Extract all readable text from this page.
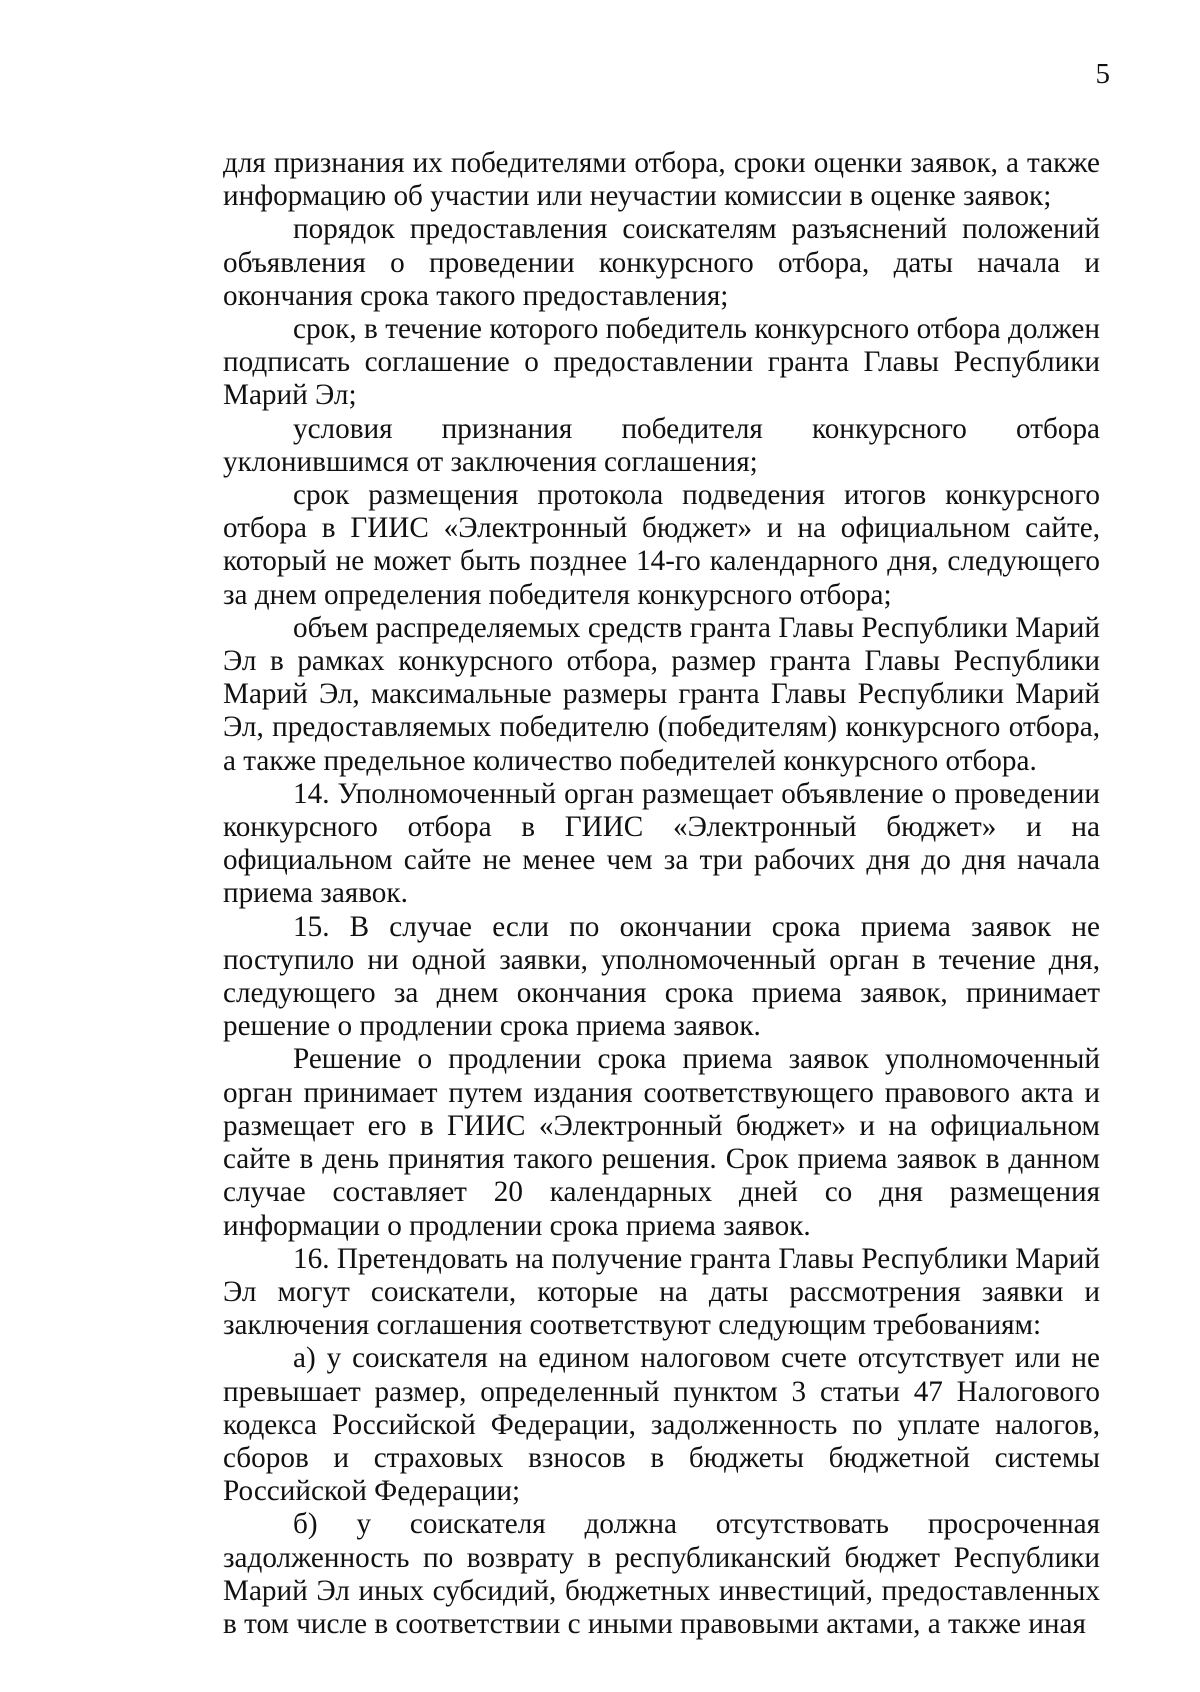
5

для признания их победителями отбора, сроки оценки заявок, а также информацию об участии или неучастии комиссии в оценке заявок;

порядок предоставления соискателям разъяснений положений объявления о проведении конкурсного отбора, даты начала и окончания срока такого предоставления;

срок, в течение которого победитель конкурсного отбора должен подписать соглашение о предоставлении гранта Главы Республики Марий Эл;

условия признания победителя конкурсного отбора уклонившимся от заключения соглашения;

срок размещения протокола подведения итогов конкурсного отбора в ГИИС «Электронный бюджет» и на официальном сайте, который не может быть позднее 14-го календарного дня, следующего за днем определения победителя конкурсного отбора;

объем распределяемых средств гранта Главы Республики Марий Эл в рамках конкурсного отбора, размер гранта Главы Республики Марий Эл, максимальные размеры гранта Главы Республики Марий Эл, предоставляемых победителю (победителям) конкурсного отбора, а также предельное количество победителей конкурсного отбора.

14. Уполномоченный орган размещает объявление о проведении конкурсного отбора в ГИИС «Электронный бюджет» и на официальном сайте не менее чем за три рабочих дня до дня начала приема заявок.

15. В случае если по окончании срока приема заявок не поступило ни одной заявки, уполномоченный орган в течение дня, следующего за днем окончания срока приема заявок, принимает решение о продлении срока приема заявок.

Решение о продлении срока приема заявок уполномоченный орган принимает путем издания соответствующего правового акта и размещает его в ГИИС «Электронный бюджет» и на официальном сайте в день принятия такого решения. Срок приема заявок в данном случае составляет 20 календарных дней со дня размещения информации о продлении срока приема заявок.

16. Претендовать на получение гранта Главы Республики Марий Эл могут соискатели, которые на даты рассмотрения заявки и заключения соглашения соответствуют следующим требованиям:

а) у соискателя на едином налоговом счете отсутствует или не превышает размер, определенный пунктом 3 статьи 47 Налогового кодекса Российской Федерации, задолженность по уплате налогов, сборов и страховых взносов в бюджеты бюджетной системы Российской Федерации;

б) у соискателя должна отсутствовать просроченная задолженность по возврату в республиканский бюджет Республики Марий Эл иных субсидий, бюджетных инвестиций, предоставленных в том числе в соответствии с иными правовыми актами, а также иная
